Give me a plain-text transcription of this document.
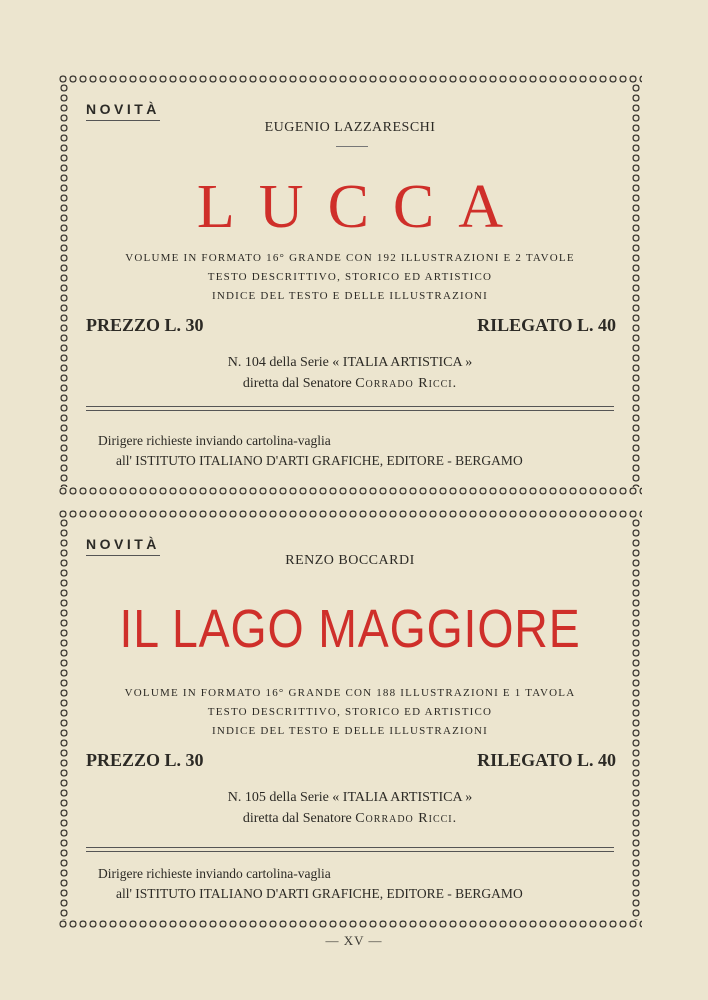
NOVITÀ
EUGENIO LAZZARESCHI
LUCCA
VOLUME IN FORMATO 16° GRANDE CON 192 ILLUSTRAZIONI E 2 TAVOLE
TESTO DESCRITTIVO, STORICO ED ARTISTICO
INDICE DEL TESTO E DELLE ILLUSTRAZIONI
PREZZO L. 30	RILEGATO L. 40
N. 104 della Serie « ITALIA ARTISTICA »
diretta dal Senatore Corrado Ricci.
Dirigere richieste inviando cartolina-vaglia
all' ISTITUTO ITALIANO D'ARTI GRAFICHE, EDITORE - BERGAMO
NOVITÀ
RENZO BOCCARDI
IL LAGO MAGGIORE
VOLUME IN FORMATO 16° GRANDE CON 188 ILLUSTRAZIONI E 1 TAVOLA
TESTO DESCRITTIVO, STORICO ED ARTISTICO
INDICE DEL TESTO E DELLE ILLUSTRAZIONI
PREZZO L. 30	RILEGATO L. 40
N. 105 della Serie « ITALIA ARTISTICA »
diretta dal Senatore Corrado Ricci.
Dirigere richieste inviando cartolina-vaglia
all' ISTITUTO ITALIANO D'ARTI GRAFICHE, EDITORE - BERGAMO
— XV —
